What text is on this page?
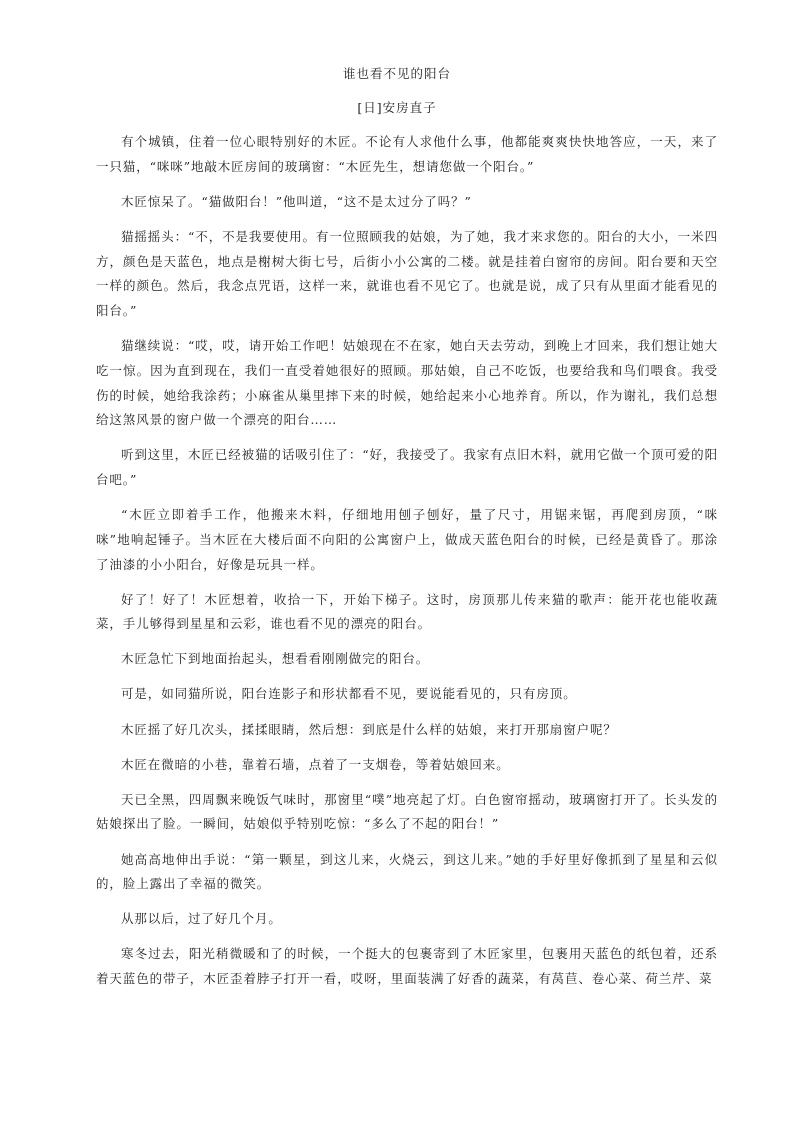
谁也看不见的阳台
[日]安房直子

有个城镇，住着一位心眼特别好的木匠。不论有人求他什么事，他都能爽爽快快地答应，一天，来了一只猫，“咪咪”地敲木匠房间的玻璃窗：“木匠先生，想请您做一个阳台。”

木匠惊呆了。“猫做阳台！”他叫道，“这不是太过分了吗？”

猫摇摇头：“不，不是我要使用。有一位照顾我的姑娘，为了她，我才来求您的。阳台的大小，一米四方，颜色是天蓝色，地点是榭树大街七号，后街小小公寓的二楼。就是挂着白窗帘的房间。阳台要和天空一样的颜色。然后，我念点咒语，这样一来，就谁也看不见它了。也就是说，成了只有从里面才能看见的阳台。”

猫继续说：“哎，哎，请开始工作吧！姑娘现在不在家，她白天去劳动，到晚上才回来，我们想让她大吃一惊。因为直到现在，我们一直受着她很好的照顾。那姑娘，自己不吃饭，也要给我和鸟们喂食。我受伤的时候，她给我涂药；小麻雀从巢里摔下来的时候，她给起来小心地养育。所以，作为谢礼，我们总想给这煞风景的窗户做一个漂亮的阳台……

听到这里，木匠已经被猫的话吸引住了：“好，我接受了。我家有点旧木料，就用它做一个顶可爱的阳台吧。”

“木匠立即着手工作，他搬来木料，仔细地用刨子刨好，量了尺寸，用锯来锯，再爬到房顶，“咪咪”地响起锤子。当木匠在大楼后面不向阳的公寓窗户上，做成天蓝色阳台的时候，已经是黄昏了。那涂了油漆的小小阳台，好像是玩具一样。

好了！好了！木匠想着，收拾一下，开始下梯子。这时，房顶那儿传来猫的歌声：能开花也能收蔬菜，手儿够得到星星和云彩，谁也看不见的漂亮的阳台。

木匠急忙下到地面抬起头，想看看刚刚做完的阳台。

可是，如同猫所说，阳台连影子和形状都看不见，要说能看见的，只有房顶。

木匠摇了好几次头，揉揉眼睛，然后想：到底是什么样的姑娘，来打开那扇窗户呢？

木匠在微暗的小巷，靠着石墙，点着了一支烟卷，等着姑娘回来。

天已全黑，四周飘来晚饭气味时，那窗里“噗”地亮起了灯。白色窗帘摇动，玻璃窗打开了。长头发的姑娘探出了脸。一瞬间，姑娘似乎特别吃惊：“多么了不起的阳台！”

她高高地伸出手说：“第一颗星，到这儿来，火烧云，到这儿来。”她的手好里好像抓到了星星和云似的，脸上露出了幸福的微笑。

从那以后，过了好几个月。

寒冬过去，阳光稍微暖和了的时候，一个挺大的包裹寄到了木匠家里，包裹用天蓝色的纸包着，还系着天蓝色的带子，木匠歪着脖子打开一看，哎呀，里面装满了好香的蔬菜，有莴苣、卷心菜、荷兰芹、菜
